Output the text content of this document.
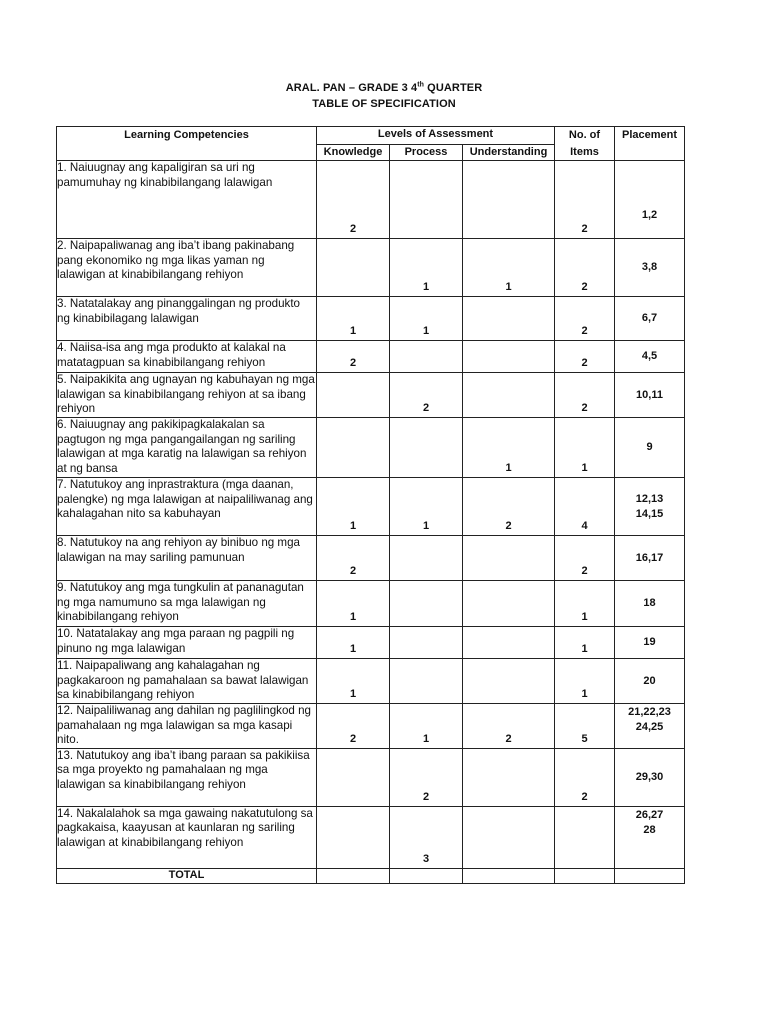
ARAL. PAN – GRADE 3 4th QUARTER
TABLE OF SPECIFICATION
Learning Competencies	Levels of Assessment			No. of
Items	Placement
	Knowledge	Process	Understanding		
1. Naiuugnay ang kapaligiran sa uri ng pamumuhay ng kinabibilangang lalawigan	2			2	1,2

2. Naipapaliwanag ang iba’t ibang pakinabang pang ekonomiko ng mga likas yaman ng lalawigan at kinabibilangang rehiyon		1	1	2	3,8

3. Natatalakay ang pinanggalingan ng produkto ng kinabibilagang lalawigan	1	1		2	6,7

4. Naiisa-isa ang mga produkto at kalakal na matatagpuan sa kinabibilangang rehiyon	2			2	4,5

5. Naipakikita ang ugnayan ng kabuhayan ng mga lalawigan sa kinabibilangang rehiyon at sa ibang rehiyon		2		2	10,11

6. Naiuugnay ang pakikipagkalakalan sa pagtugon ng mga pangangailangan ng sariling lalawigan at mga karatig na lalawigan sa rehiyon at ng bansa			1	1	9

7. Natutukoy ang inprastraktura (mga daanan, palengke) ng mga lalawigan at naipaliliwanag ang kahalagahan nito sa kabuhayan	1	1	2	4	12,13
14,15

8. Natutukoy na ang rehiyon ay binibuo ng mga lalawigan na may sariling pamunuan	2			2	16,17

9. Natutukoy ang mga tungkulin at pananagutan ng mga namumuno sa mga lalawigan ng kinabibilangang rehiyon	1			1	18

10. Natatalakay ang mga paraan ng pagpili ng pinuno ng mga lalawigan	1			1	19

11. Naipapaliwang ang kahalagahan ng pagkakaroon ng pamahalaan sa bawat lalawigan sa kinabibilangang rehiyon	1			1	20

12. Naipaliliwanag ang dahilan ng paglilingkod ng pamahalaan ng mga lalawigan sa mga kasapi nito.	2	1	2	5	21,22,23
24,25

13. Natutukoy ang iba’t ibang paraan sa pakikiisa sa mga proyekto ng pamahalaan ng mga lalawigan sa kinabibilangang rehiyon		2		2	29,30

14. Nakalalahok sa mga gawaing nakatutulong sa pagkakaisa, kaayusan at kaunlaran ng sariling lalawigan at kinabibilangang rehiyon		3			26,27
28

TOTAL					
